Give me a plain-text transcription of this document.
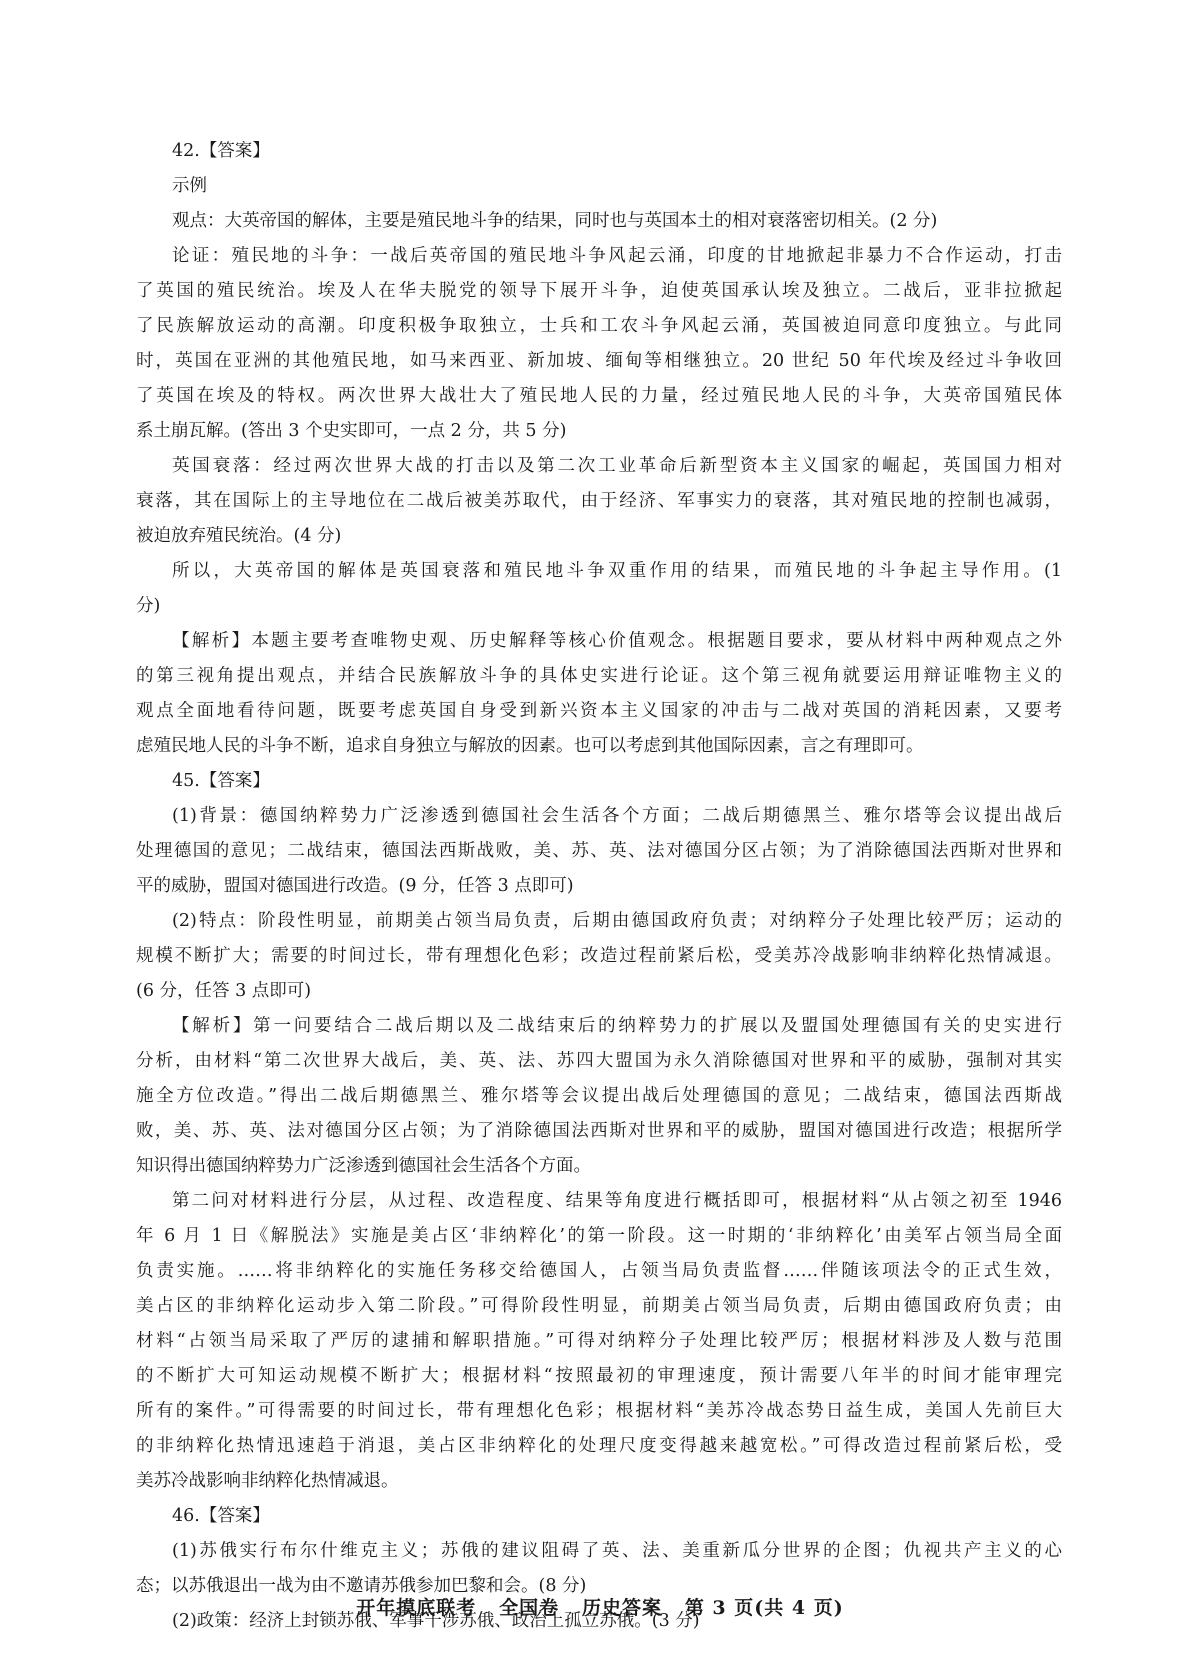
42.【答案】
示例
观点：大英帝国的解体，主要是殖民地斗争的结果，同时也与英国本土的相对衰落密切相关。(2 分)
论证：殖民地的斗争：一战后英帝国的殖民地斗争风起云涌，印度的甘地掀起非暴力不合作运动，打击
了英国的殖民统治。埃及人在华夫脱党的领导下展开斗争，迫使英国承认埃及独立。二战后，亚非拉掀起
了民族解放运动的高潮。印度积极争取独立，士兵和工农斗争风起云涌，英国被迫同意印度独立。与此同
时，英国在亚洲的其他殖民地，如马来西亚、新加坡、缅甸等相继独立。20 世纪 50 年代埃及经过斗争收回
了英国在埃及的特权。两次世界大战壮大了殖民地人民的力量，经过殖民地人民的斗争，大英帝国殖民体
系土崩瓦解。(答出 3 个史实即可，一点 2 分，共 5 分)
英国衰落：经过两次世界大战的打击以及第二次工业革命后新型资本主义国家的崛起，英国国力相对
衰落，其在国际上的主导地位在二战后被美苏取代，由于经济、军事实力的衰落，其对殖民地的控制也减弱，
被迫放弃殖民统治。(4 分)
所以，大英帝国的解体是英国衰落和殖民地斗争双重作用的结果，而殖民地的斗争起主导作用。(1
分)
【解析】本题主要考查唯物史观、历史解释等核心价值观念。根据题目要求，要从材料中两种观点之外
的第三视角提出观点，并结合民族解放斗争的具体史实进行论证。这个第三视角就要运用辩证唯物主义的
观点全面地看待问题，既要考虑英国自身受到新兴资本主义国家的冲击与二战对英国的消耗因素，又要考
虑殖民地人民的斗争不断，追求自身独立与解放的因素。也可以考虑到其他国际因素，言之有理即可。
45.【答案】
(1)背景：德国纳粹势力广泛渗透到德国社会生活各个方面；二战后期德黑兰、雅尔塔等会议提出战后
处理德国的意见；二战结束，德国法西斯战败，美、苏、英、法对德国分区占领；为了消除德国法西斯对世界和
平的威胁，盟国对德国进行改造。(9 分，任答 3 点即可)
(2)特点：阶段性明显，前期美占领当局负责，后期由德国政府负责；对纳粹分子处理比较严厉；运动的
规模不断扩大；需要的时间过长，带有理想化色彩；改造过程前紧后松，受美苏冷战影响非纳粹化热情减退。
(6 分，任答 3 点即可)
【解析】第一问要结合二战后期以及二战结束后的纳粹势力的扩展以及盟国处理德国有关的史实进行
分析，由材料“第二次世界大战后，美、英、法、苏四大盟国为永久消除德国对世界和平的威胁，强制对其实
施全方位改造。”得出二战后期德黑兰、雅尔塔等会议提出战后处理德国的意见；二战结束，德国法西斯战
败，美、苏、英、法对德国分区占领；为了消除德国法西斯对世界和平的威胁，盟国对德国进行改造；根据所学
知识得出德国纳粹势力广泛渗透到德国社会生活各个方面。
第二问对材料进行分层，从过程、改造程度、结果等角度进行概括即可，根据材料“从占领之初至 1946
年 6 月 1 日《解脱法》实施是美占区‘非纳粹化’的第一阶段。这一时期的‘非纳粹化’由美军占领当局全面
负责实施。……将非纳粹化的实施任务移交给德国人，占领当局负责监督……伴随该项法令的正式生效，
美占区的非纳粹化运动步入第二阶段。”可得阶段性明显，前期美占领当局负责，后期由德国政府负责；由
材料“占领当局采取了严厉的逮捕和解职措施。”可得对纳粹分子处理比较严厉；根据材料涉及人数与范围
的不断扩大可知运动规模不断扩大；根据材料“按照最初的审理速度，预计需要八年半的时间才能审理完
所有的案件。”可得需要的时间过长，带有理想化色彩；根据材料“美苏冷战态势日益生成，美国人先前巨大
的非纳粹化热情迅速趋于消退，美占区非纳粹化的处理尺度变得越来越宽松。”可得改造过程前紧后松，受
美苏冷战影响非纳粹化热情减退。
46.【答案】
(1)苏俄实行布尔什维克主义；苏俄的建议阻碍了英、法、美重新瓜分世界的企图；仇视共产主义的心
态；以苏俄退出一战为由不邀请苏俄参加巴黎和会。(8 分)
(2)政策：经济上封锁苏俄、军事干涉苏俄、政治上孤立苏俄。(3 分)
开年摸底联考   全国卷   历史答案   第 3 页(共 4 页)
